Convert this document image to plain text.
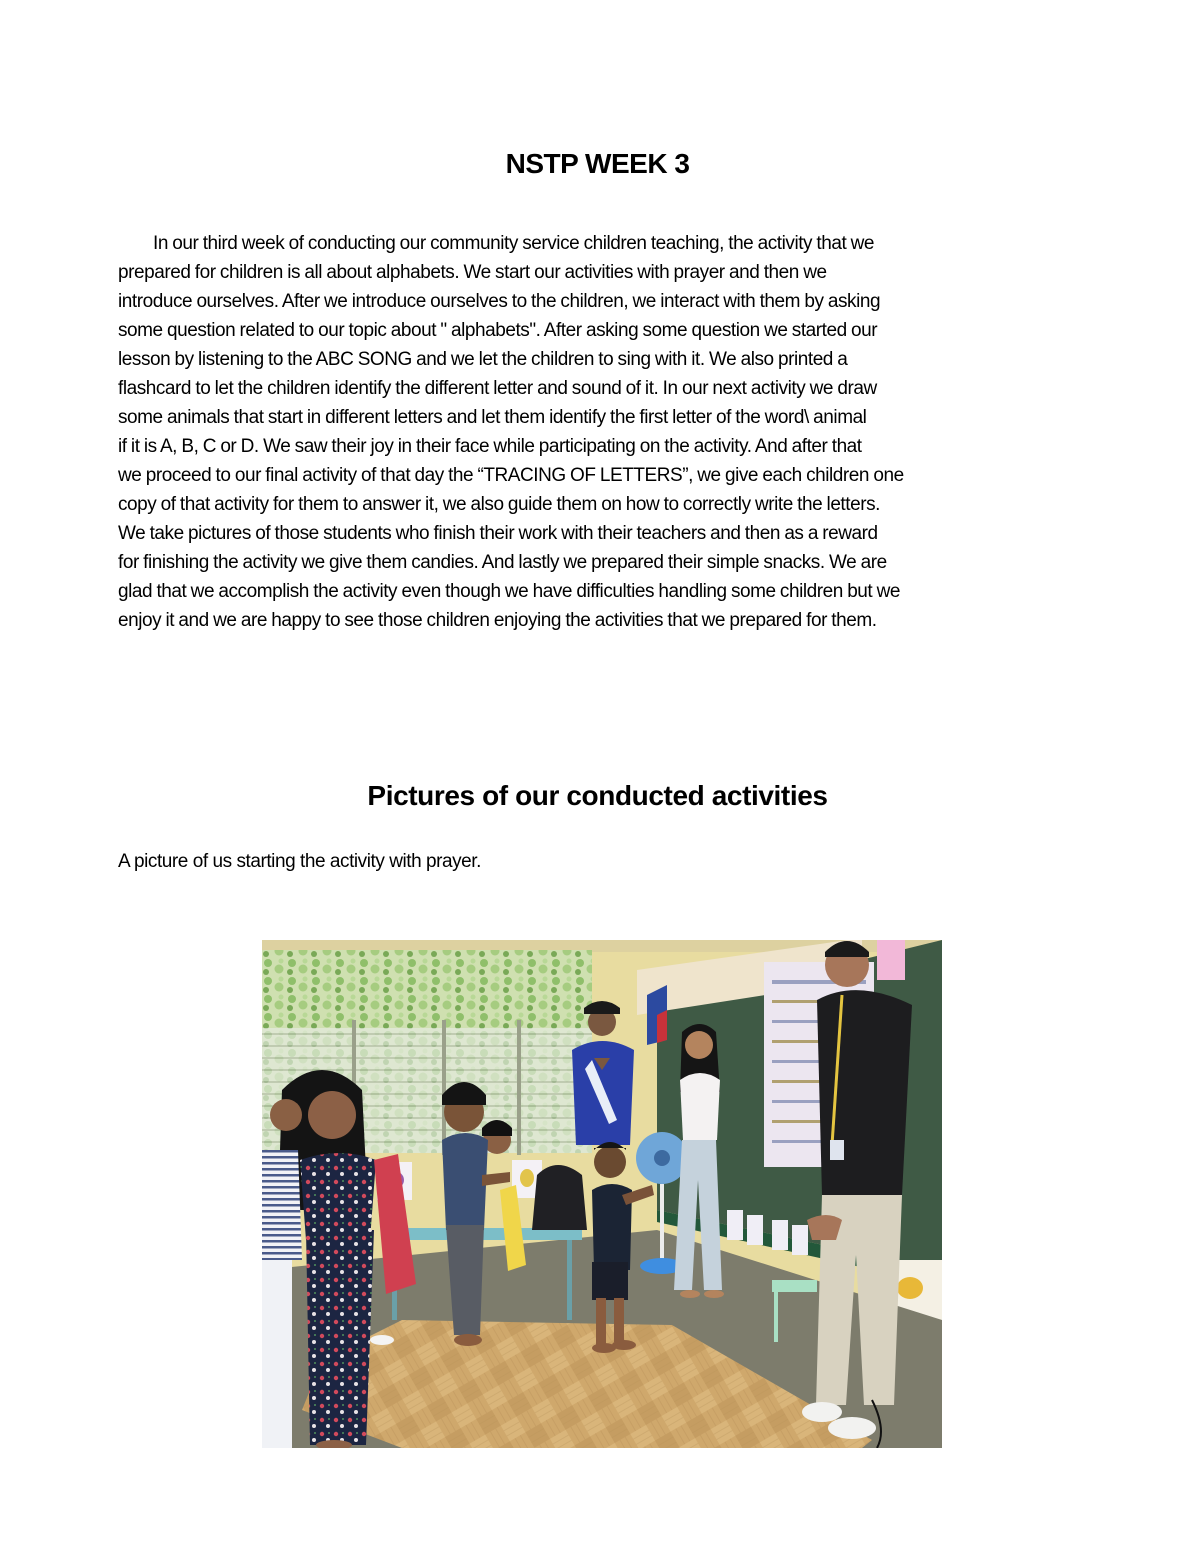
NSTP WEEK 3

In our third week of conducting our community service children teaching, the activity that we
prepared for children is all about alphabets. We start our activities with prayer and then we
introduce ourselves. After we introduce ourselves to the children, we interact with them by asking
some question related to our topic about " alphabets". After asking some question we started our
lesson by listening to the ABC SONG and we let the children to sing with it. We also printed a
flashcard to let the children identify the different letter and sound of it. In our next activity we draw
some animals that start in different letters and let them identify the first letter of the word\ animal
if it is A, B, C or D. We saw their joy in their face while participating on the activity. And after that
we proceed to our final activity of that day the “TRACING OF LETTERS”, we give each children one
copy of that activity for them to answer it, we also guide them on how to correctly write the letters.
We take pictures of those students who finish their work with their teachers and then as a reward
for finishing the activity we give them candies. And lastly we prepared their simple snacks. We are
glad that we accomplish the activity even though we have difficulties handling some children but we
enjoy it and we are happy to see those children enjoying the activities that we prepared for them.

Pictures of our conducted activities

A picture of us starting the activity with prayer.
